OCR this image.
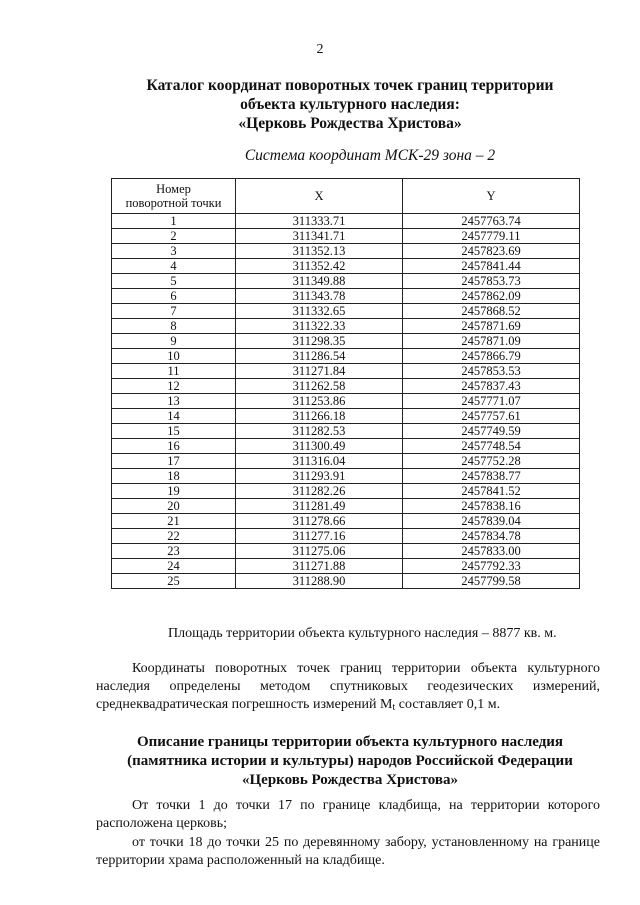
2
Каталог координат поворотных точек границ территории
объекта культурного наследия:
«Церковь Рождества Христова»
Система координат МСК-29 зона – 2
Номер
поворотной точки	X	Y
1	311333.71	2457763.74
2	311341.71	2457779.11
3	311352.13	2457823.69
4	311352.42	2457841.44
5	311349.88	2457853.73
6	311343.78	2457862.09
7	311332.65	2457868.52
8	311322.33	2457871.69
9	311298.35	2457871.09
10	311286.54	2457866.79
11	311271.84	2457853.53
12	311262.58	2457837.43
13	311253.86	2457771.07
14	311266.18	2457757.61
15	311282.53	2457749.59
16	311300.49	2457748.54
17	311316.04	2457752.28
18	311293.91	2457838.77
19	311282.26	2457841.52
20	311281.49	2457838.16
21	311278.66	2457839.04
22	311277.16	2457834.78
23	311275.06	2457833.00
24	311271.88	2457792.33
25	311288.90	2457799.58
Площадь территории объекта культурного наследия – 8877 кв. м.
Координаты поворотных точек границ территории объекта культурного наследия определены методом спутниковых геодезических измерений, среднеквадратическая погрешность измерений $M_t$ составляет 0,1 м.
Описание границы территории объекта культурного наследия
(памятника истории и культуры) народов Российской Федерации
«Церковь Рождества Христова»
От точки 1 до точки 17 по границе кладбища, на территории которого расположена церковь;
от точки 18 до точки 25 по деревянному забору, установленному на границе территории храма расположенный на кладбище.
